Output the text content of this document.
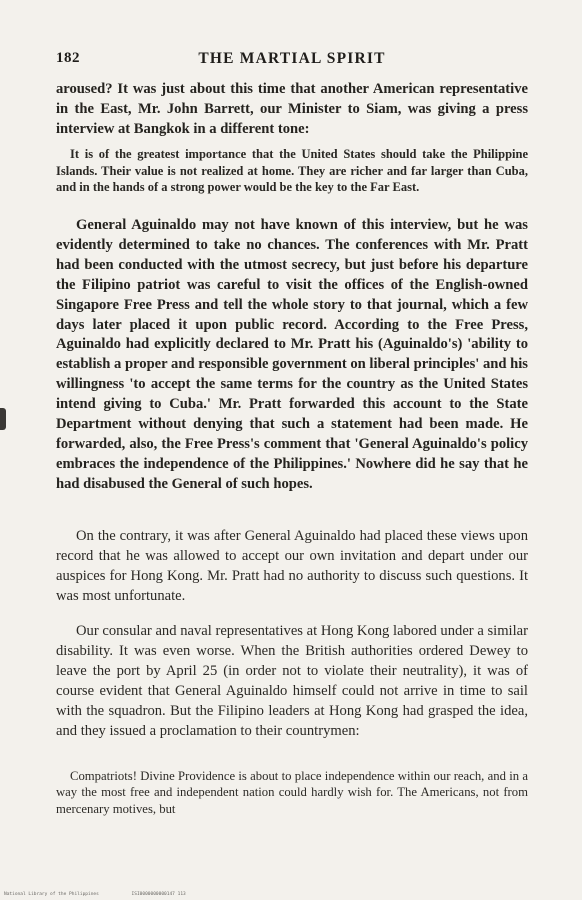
182	THE MARTIAL SPIRIT

aroused? It was just about this time that another American representative in the East, Mr. John Barrett, our Minister to Siam, was giving a press interview at Bangkok in a different tone:

It is of the greatest importance that the United States should take the Philippine Islands. Their value is not realized at home. They are richer and far larger than Cuba, and in the hands of a strong power would be the key to the Far East.

General Aguinaldo may not have known of this interview, but he was evidently determined to take no chances. The conferences with Mr. Pratt had been conducted with the utmost secrecy, but just before his departure the Filipino patriot was careful to visit the offices of the English-owned Singapore Free Press and tell the whole story to that journal, which a few days later placed it upon public record. According to the Free Press, Aguinaldo had explicitly declared to Mr. Pratt his (Aguinaldo's) 'ability to establish a proper and responsible government on liberal principles' and his willingness 'to accept the same terms for the country as the United States intend giving to Cuba.' Mr. Pratt forwarded this account to the State Department without denying that such a statement had been made. He forwarded, also, the Free Press's comment that 'General Aguinaldo's policy embraces the independence of the Philippines.' Nowhere did he say that he had disabused the General of such hopes.

On the contrary, it was after General Aguinaldo had placed these views upon record that he was allowed to accept our own invitation and depart under our auspices for Hong Kong. Mr. Pratt had no authority to discuss such questions. It was most unfortunate.

Our consular and naval representatives at Hong Kong labored under a similar disability. It was even worse. When the British authorities ordered Dewey to leave the port by April 25 (in order not to violate their neutrality), it was of course evident that General Aguinaldo himself could not arrive in time to sail with the squadron. But the Filipino leaders at Hong Kong had grasped the idea, and they issued a proclamation to their countrymen:

Compatriots! Divine Providence is about to place independence within our reach, and in a way the most free and independent nation could hardly wish for. The Americans, not from mercenary motives, but

National Library of the Philippines	ISI0000000000147 113
